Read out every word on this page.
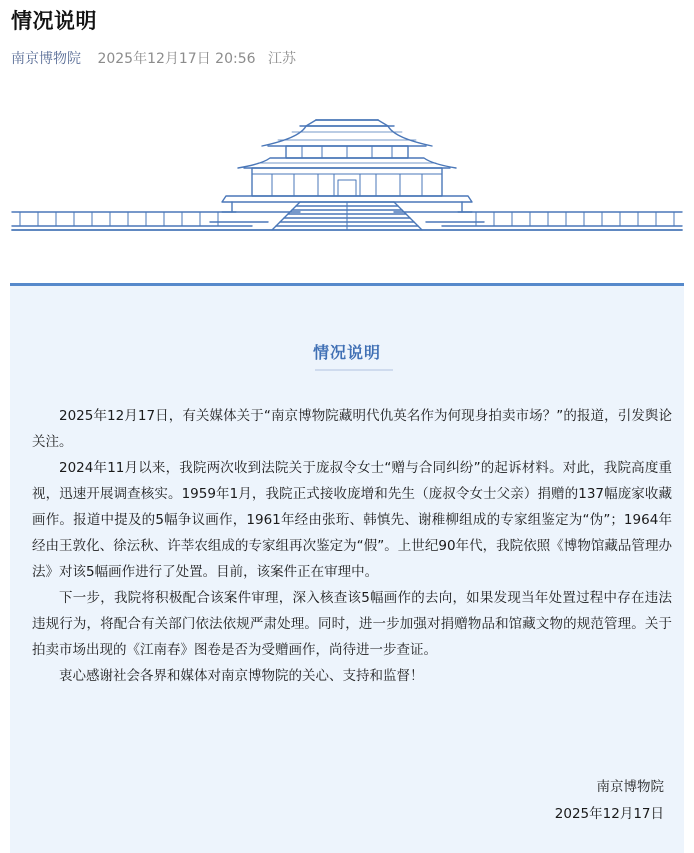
情况说明
南京博物院 2025年12月17日 20:56 江苏
情况说明

2025年12月17日，有关媒体关于“南京博物院藏明代仇英名作为何现身拍卖市场？”的报道，引发舆论关注。

2024年11月以来，我院两次收到法院关于庞叔令女士“赠与合同纠纷”的起诉材料。对此，我院高度重视，迅速开展调查核实。1959年1月，我院正式接收庞增和先生（庞叔令女士父亲）捐赠的137幅庞家收藏画作。报道中提及的5幅争议画作，1961年经由张珩、韩慎先、谢稚柳组成的专家组鉴定为“伪”；1964年经由王敦化、徐沄秋、许莘农组成的专家组再次鉴定为“假”。上世纪90年代，我院依照《博物馆藏品管理办法》对该5幅画作进行了处置。目前，该案件正在审理中。

下一步，我院将积极配合该案件审理，深入核查该5幅画作的去向，如果发现当年处置过程中存在违法违规行为，将配合有关部门依法依规严肃处理。同时，进一步加强对捐赠物品和馆藏文物的规范管理。关于拍卖市场出现的《江南春》图卷是否为受赠画作，尚待进一步查证。

衷心感谢社会各界和媒体对南京博物院的关心、支持和监督！

南京博物院
2025年12月17日
